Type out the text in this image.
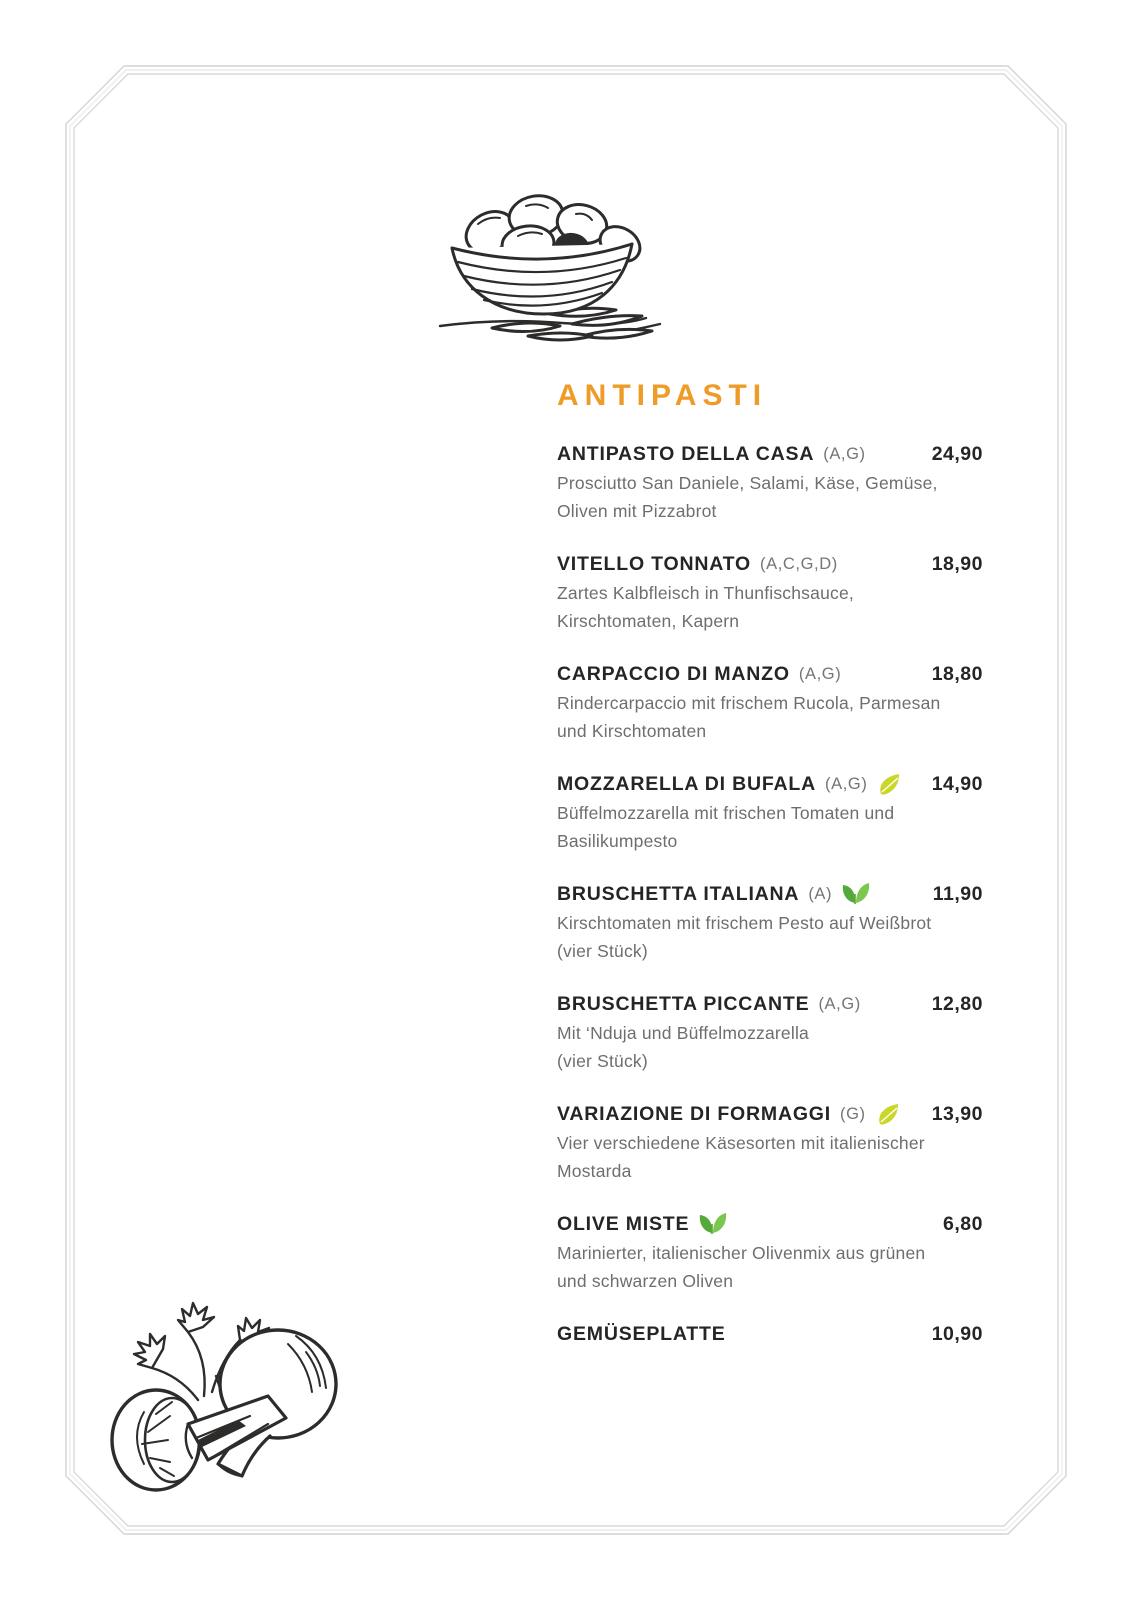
ANTIPASTI
ANTIPASTO DELLA CASA (A,G)	24,90
Prosciutto San Daniele, Salami, Käse, Gemüse,
Oliven mit Pizzabrot
VITELLO TONNATO (A,C,G,D)	18,90
Zartes Kalbfleisch in Thunfischsauce,
Kirschtomaten, Kapern
CARPACCIO DI MANZO (A,G)	18,80
Rindercarpaccio mit frischem Rucola, Parmesan
und Kirschtomaten
MOZZARELLA DI BUFALA (A,G)	14,90
Büffelmozzarella mit frischen Tomaten und
Basilikumpesto
BRUSCHETTA ITALIANA (A)	11,90
Kirschtomaten mit frischem Pesto auf Weißbrot
(vier Stück)
BRUSCHETTA PICCANTE (A,G)	12,80
Mit ‘Nduja und Büffelmozzarella
(vier Stück)
VARIAZIONE DI FORMAGGI (G)	13,90
Vier verschiedene Käsesorten mit italienischer
Mostarda
OLIVE MISTE	6,80
Marinierter, italienischer Olivenmix aus grünen
und schwarzen Oliven
GEMÜSEPLATTE	10,90
